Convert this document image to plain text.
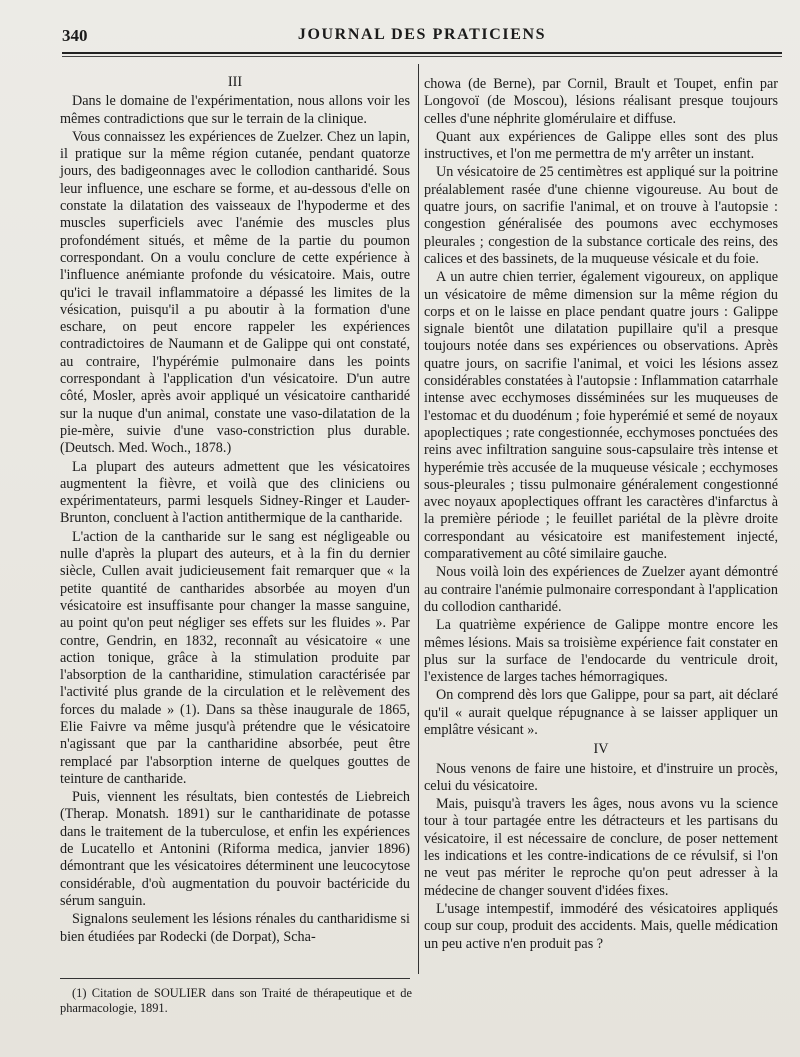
340	JOURNAL DES PRATICIENS
III

Dans le domaine de l'expérimentation, nous allons voir les mêmes contradictions que sur le terrain de la clinique.

Vous connaissez les expériences de Zuelzer. Chez un lapin, il pratique sur la même région cutanée, pendant quatorze jours, des badigeonnages avec le collodion cantharidé. Sous leur influence, une eschare se forme, et au-dessous d'elle on constate la dilatation des vaisseaux de l'hypoderme et des muscles superficiels avec l'anémie des muscles plus profondément situés, et même de la partie du poumon correspondant. On a voulu conclure de cette expérience à l'influence anémiante profonde du vésicatoire. Mais, outre qu'ici le travail inflammatoire a dépassé les limites de la vésication, puisqu'il a pu aboutir à la formation d'une eschare, on peut encore rappeler les expériences contradictoires de Naumann et de Galippe qui ont constaté, au contraire, l'hypérémie pulmonaire dans les points correspondant à l'application d'un vésicatoire. D'un autre côté, Mosler, après avoir appliqué un vésicatoire cantharidé sur la nuque d'un animal, constate une vaso-dilatation de la pie-mère, suivie d'une vaso-constriction plus durable. (Deutsch. Med. Woch., 1878.)

La plupart des auteurs admettent que les vésicatoires augmentent la fièvre, et voilà que des cliniciens ou expérimentateurs, parmi lesquels Sidney-Ringer et Lauder-Brunton, concluent à l'action antithermique de la cantharide.

L'action de la cantharide sur le sang est négligeable ou nulle d'après la plupart des auteurs, et à la fin du dernier siècle, Cullen avait judicieusement fait remarquer que « la petite quantité de cantharides absorbée au moyen d'un vésicatoire est insuffisante pour changer la masse sanguine, au point qu'on peut négliger ses effets sur les fluides ». Par contre, Gendrin, en 1832, reconnaît au vésicatoire « une action tonique, grâce à la stimulation produite par l'absorption de la cantharidine, stimulation caractérisée par l'activité plus grande de la circulation et le relèvement des forces du malade » (1). Dans sa thèse inaugurale de 1865, Elie Faivre va même jusqu'à prétendre que le vésicatoire n'agissant que par la cantharidine absorbée, peut être remplacé par l'absorption interne de quelques gouttes de teinture de cantharide.

Puis, viennent les résultats, bien contestés de Liebreich (Therap. Monatsh. 1891) sur le cantharidinate de potasse dans le traitement de la tuberculose, et enfin les expériences de Lucatello et Antonini (Riforma medica, janvier 1896) démontrant que les vésicatoires déterminent une leucocytose considérable, d'où augmentation du pouvoir bactéricide du sérum sanguin.

Signalons seulement les lésions rénales du cantharidisme si bien étudiées par Rodecki (de Dorpat), Scha-

(1) Citation de SOULIER dans son Traité de thérapeutique et de pharmacologie, 1891.

chowa (de Berne), par Cornil, Brault et Toupet, enfin par Longovoï (de Moscou), lésions réalisant presque toujours celles d'une néphrite glomérulaire et diffuse.

Quant aux expériences de Galippe elles sont des plus instructives, et l'on me permettra de m'y arrêter un instant.

Un vésicatoire de 25 centimètres est appliqué sur la poitrine préalablement rasée d'une chienne vigoureuse. Au bout de quatre jours, on sacrifie l'animal, et on trouve à l'autopsie : congestion généralisée des poumons avec ecchymoses pleurales ; congestion de la substance corticale des reins, des calices et des bassinets, de la muqueuse vésicale et du foie.

A un autre chien terrier, également vigoureux, on applique un vésicatoire de même dimension sur la même région du corps et on le laisse en place pendant quatre jours : Galippe signale bientôt une dilatation pupillaire qu'il a presque toujours notée dans ses expériences ou observations. Après quatre jours, on sacrifie l'animal, et voici les lésions assez considérables constatées à l'autopsie : Inflammation catarrhale intense avec ecchymoses disséminées sur les muqueuses de l'estomac et du duodénum ; foie hyperémié et semé de noyaux apoplectiques ; rate congestionnée, ecchymoses ponctuées des reins avec infiltration sanguine sous-capsulaire très intense et hyperémie très accusée de la muqueuse vésicale ; ecchymoses sous-pleurales ; tissu pulmonaire généralement congestionné avec noyaux apoplectiques offrant les caractères d'infarctus à la première période ; le feuillet pariétal de la plèvre droite correspondant au vésicatoire est manifestement injecté, comparativement au côté similaire gauche.

Nous voilà loin des expériences de Zuelzer ayant démontré au contraire l'anémie pulmonaire correspondant à l'application du collodion cantharidé.

La quatrième expérience de Galippe montre encore les mêmes lésions. Mais sa troisième expérience fait constater en plus sur la surface de l'endocarde du ventricule droit, l'existence de larges taches hémorragiques.

On comprend dès lors que Galippe, pour sa part, ait déclaré qu'il « aurait quelque répugnance à se laisser appliquer un emplâtre vésicant ».

IV

Nous venons de faire une histoire, et d'instruire un procès, celui du vésicatoire.

Mais, puisqu'à travers les âges, nous avons vu la science tour à tour partagée entre les détracteurs et les partisans du vésicatoire, il est nécessaire de conclure, de poser nettement les indications et les contre-indications de ce révulsif, si l'on ne veut pas mériter le reproche qu'on peut adresser à la médecine de changer souvent d'idées fixes.

L'usage intempestif, immodéré des vésicatoires appliqués coup sur coup, produit des accidents. Mais, quelle médication un peu active n'en produit pas ?
